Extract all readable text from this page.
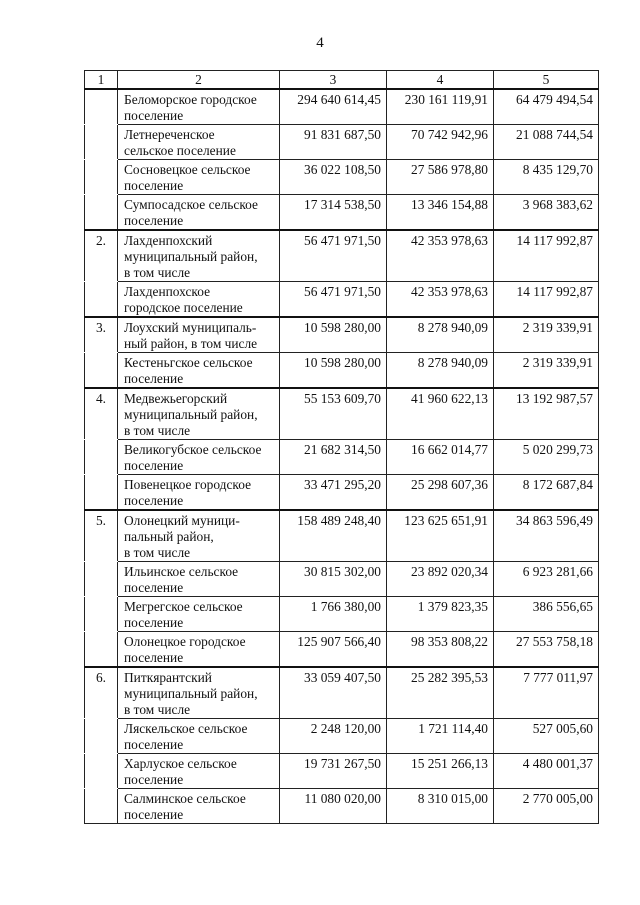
4
1	2	3	4	5

	Беломорское городское
поселение	294 640 614,45	230 161 119,91	64 479 494,54

	Летнереченское
сельское поселение	91 831 687,50	70 742 942,96	21 088 744,54

	Сосновецкое сельское
поселение	36 022 108,50	27 586 978,80	8 435 129,70

	Сумпосадское сельское
поселение	17 314 538,50	13 346 154,88	3 968 383,62
2.	Лахденпохский
муниципальный район,
в том числе	56 471 971,50	42 353 978,63	14 117 992,87

	Лахденпохское
городское поселение	56 471 971,50	42 353 978,63	14 117 992,87
3.	Лоухский муниципаль-
ный район, в том числе	10 598 280,00	8 278 940,09	2 319 339,91

	Кестеньгское сельское
поселение	10 598 280,00	8 278 940,09	2 319 339,91
4.	Медвежьегорский
муниципальный район,
в том числе	55 153 609,70	41 960 622,13	13 192 987,57

	Великогубское сельское
поселение	21 682 314,50	16 662 014,77	5 020 299,73

	Повенецкое городское
поселение	33 471 295,20	25 298 607,36	8 172 687,84
5.	Олонецкий муници-
пальный район,
в том числе	158 489 248,40	123 625 651,91	34 863 596,49

	Ильинское сельское
поселение	30 815 302,00	23 892 020,34	6 923 281,66

	Мегрегское сельское
поселение	1 766 380,00	1 379 823,35	386 556,65

	Олонецкое городское
поселение	125 907 566,40	98 353 808,22	27 553 758,18
6.	Питкярантский
муниципальный район,
в том числе	33 059 407,50	25 282 395,53	7 777 011,97

	Ляскельское сельское
поселение	2 248 120,00	1 721 114,40	527 005,60

	Харлуское сельское
поселение	19 731 267,50	15 251 266,13	4 480 001,37

	Салминское сельское
поселение	11 080 020,00	8 310 015,00	2 770 005,00
